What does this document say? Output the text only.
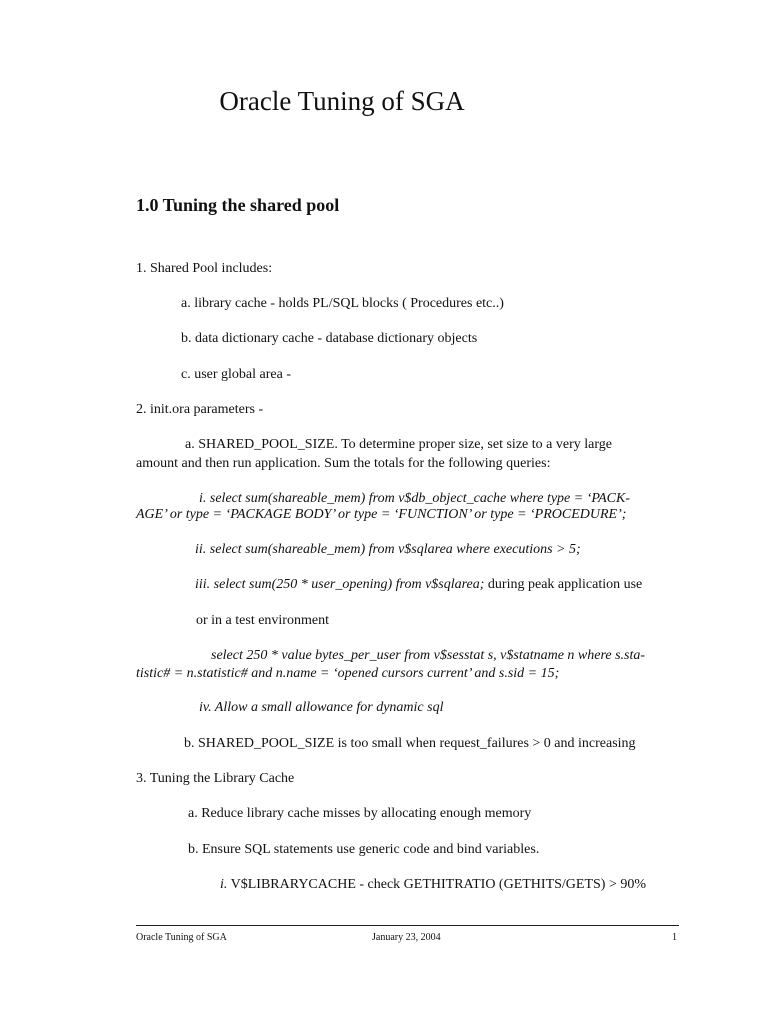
Oracle Tuning of SGA
1.0 Tuning the shared pool

1. Shared Pool includes:

a. library cache - holds PL/SQL blocks ( Procedures etc..)

b. data dictionary cache - database dictionary objects

c. user global area -

2. init.ora parameters -

a. SHARED_POOL_SIZE. To determine proper size, set size to a very large

amount and then run application. Sum the totals for the following queries:

i. select sum(shareable_mem) from v$db_object_cache where type = ‘PACK-

AGE’ or type = ‘PACKAGE BODY’ or type = ‘FUNCTION’ or type = ‘PROCEDURE’;

ii. select sum(shareable_mem) from v$sqlarea where executions > 5;

iii. select sum(250 * user_opening) from v$sqlarea; during peak application use

or in a test environment

select 250 * value bytes_per_user from v$sesstat s, v$statname n where s.sta-

tistic# = n.statistic# and n.name = ‘opened cursors current’ and s.sid = 15;

iv. Allow a small allowance for dynamic sql

b. SHARED_POOL_SIZE is too small when request_failures > 0 and increasing

3. Tuning the Library Cache

a. Reduce library cache misses by allocating enough memory

b. Ensure SQL statements use generic code and bind variables.

i. V$LIBRARYCACHE - check GETHITRATIO (GETHITS/GETS) > 90%

Oracle Tuning of SGA	January 23, 2004	1
